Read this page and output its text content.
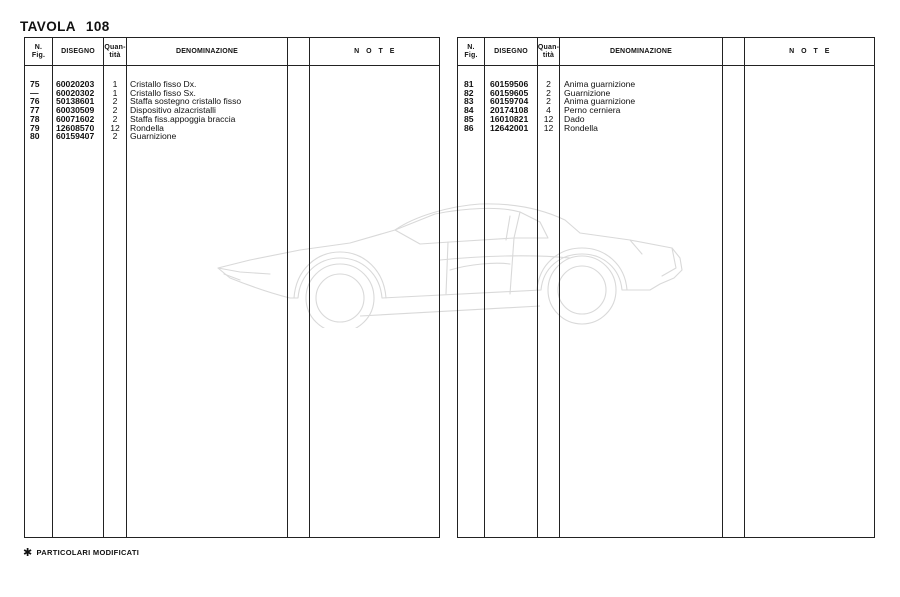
TAVOLA 108
N.
Fig.
DISEGNO
Quan-
tità
DENOMINAZIONE	N O T E
75 60020203	1	Cristallo fisso Dx.
— 60020302	1	Cristallo fisso Sx.
76 50138601	2	Staffa sostegno cristallo fisso
77 60030509	2	Dispositivo alzacristalli
78 60071602	2	Staffa fiss.appoggia braccia
79 12608570	12	Rondella
80 60159407	2	Guarnizione
N.
Fig.
DISEGNO
Quan-
tità
DENOMINAZIONE	N O T E
81 60159506	2	Anima guarnizione
82 60159605	2	Guarnizione
83 60159704	2	Anima guarnizione
84 20174108	4	Perno cerniera
85 16010821	12	Dado
86 12642001	12	Rondella
✱ PARTICOLARI MODIFICATI
